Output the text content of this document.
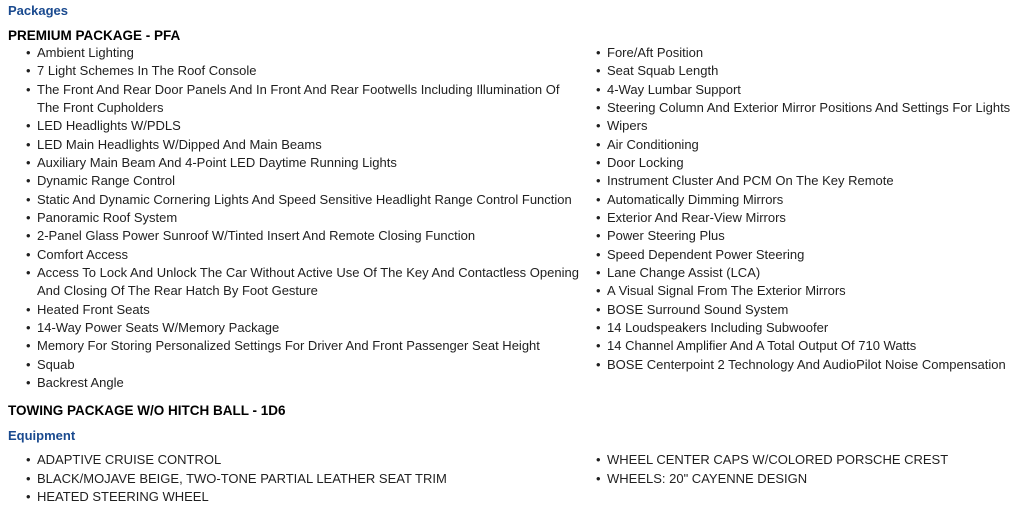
Packages
PREMIUM PACKAGE - PFA
• Ambient Lighting
• 7 Light Schemes In The Roof Console
• The Front And Rear Door Panels And In Front And Rear Footwells Including Illumination Of The Front Cupholders
• LED Headlights W/PDLS
• LED Main Headlights W/Dipped And Main Beams
• Auxiliary Main Beam And 4-Point LED Daytime Running Lights
• Dynamic Range Control
• Static And Dynamic Cornering Lights And Speed Sensitive Headlight Range Control Function
• Panoramic Roof System
• 2-Panel Glass Power Sunroof W/Tinted Insert And Remote Closing Function
• Comfort Access
• Access To Lock And Unlock The Car Without Active Use Of The Key And Contactless Opening And Closing Of The Rear Hatch By Foot Gesture
• Heated Front Seats
• 14-Way Power Seats W/Memory Package
• Memory For Storing Personalized Settings For Driver And Front Passenger Seat Height
• Squab
• Backrest Angle
• Fore/Aft Position
• Seat Squab Length
• 4-Way Lumbar Support
• Steering Column And Exterior Mirror Positions And Settings For Lights
• Wipers
• Air Conditioning
• Door Locking
• Instrument Cluster And PCM On The Key Remote
• Automatically Dimming Mirrors
• Exterior And Rear-View Mirrors
• Power Steering Plus
• Speed Dependent Power Steering
• Lane Change Assist (LCA)
• A Visual Signal From The Exterior Mirrors
• BOSE Surround Sound System
• 14 Loudspeakers Including Subwoofer
• 14 Channel Amplifier And A Total Output Of 710 Watts
• BOSE Centerpoint 2 Technology And AudioPilot Noise Compensation
TOWING PACKAGE W/O HITCH BALL - 1D6
Equipment
• ADAPTIVE CRUISE CONTROL
• BLACK/MOJAVE BEIGE, TWO-TONE PARTIAL LEATHER SEAT TRIM
• HEATED STEERING WHEEL
• WHEEL CENTER CAPS W/COLORED PORSCHE CREST
• WHEELS: 20" CAYENNE DESIGN
